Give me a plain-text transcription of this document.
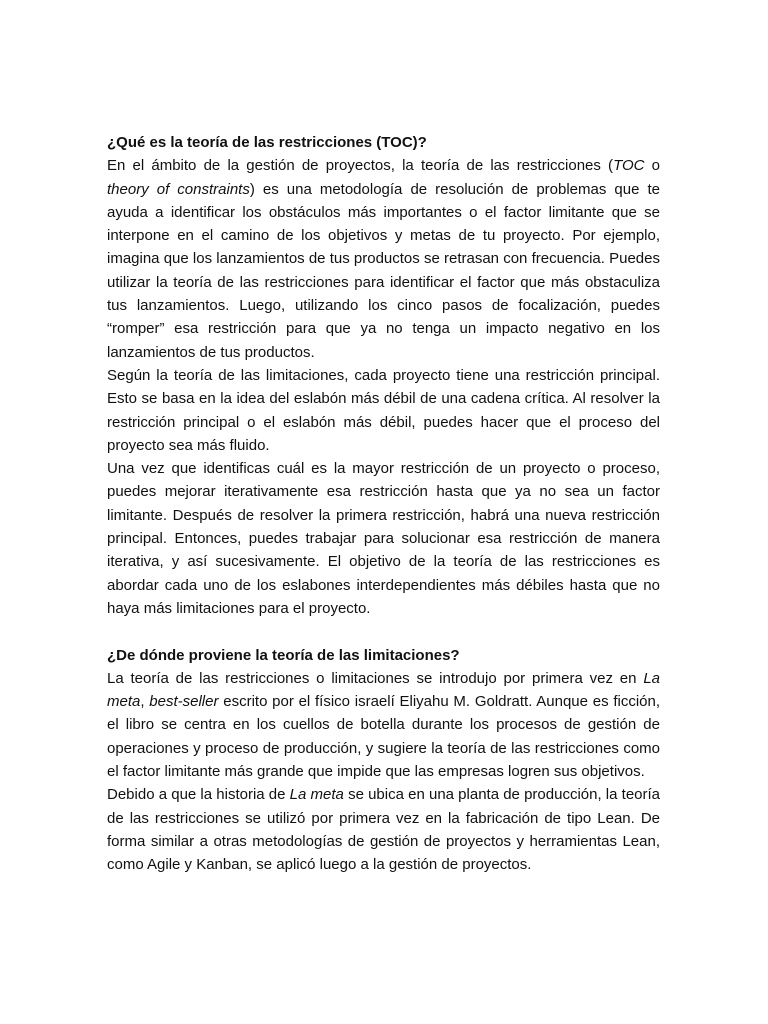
¿Qué es la teoría de las restricciones (TOC)?

En el ámbito de la gestión de proyectos, la teoría de las restricciones (TOC o theory of constraints) es una metodología de resolución de problemas que te ayuda a identificar los obstáculos más importantes o el factor limitante que se interpone en el camino de los objetivos y metas de tu proyecto. Por ejemplo, imagina que los lanzamientos de tus productos se retrasan con frecuencia. Puedes utilizar la teoría de las restricciones para identificar el factor que más obstaculiza tus lanzamientos. Luego, utilizando los cinco pasos de focalización, puedes “romper” esa restricción para que ya no tenga un impacto negativo en los lanzamientos de tus productos.

Según la teoría de las limitaciones, cada proyecto tiene una restricción principal. Esto se basa en la idea del eslabón más débil de una cadena crítica. Al resolver la restricción principal o el eslabón más débil, puedes hacer que el proceso del proyecto sea más fluido.

Una vez que identificas cuál es la mayor restricción de un proyecto o proceso, puedes mejorar iterativamente esa restricción hasta que ya no sea un factor limitante. Después de resolver la primera restricción, habrá una nueva restricción principal. Entonces, puedes trabajar para solucionar esa restricción de manera iterativa, y así sucesivamente. El objetivo de la teoría de las restricciones es abordar cada uno de los eslabones interdependientes más débiles hasta que no haya más limitaciones para el proyecto.

¿De dónde proviene la teoría de las limitaciones?

La teoría de las restricciones o limitaciones se introdujo por primera vez en La meta, best-seller escrito por el físico israelí Eliyahu M. Goldratt. Aunque es ficción, el libro se centra en los cuellos de botella durante los procesos de gestión de operaciones y proceso de producción, y sugiere la teoría de las restricciones como el factor limitante más grande que impide que las empresas logren sus objetivos.

Debido a que la historia de La meta se ubica en una planta de producción, la teoría de las restricciones se utilizó por primera vez en la fabricación de tipo Lean. De forma similar a otras metodologías de gestión de proyectos y herramientas Lean, como Agile y Kanban, se aplicó luego a la gestión de proyectos.
